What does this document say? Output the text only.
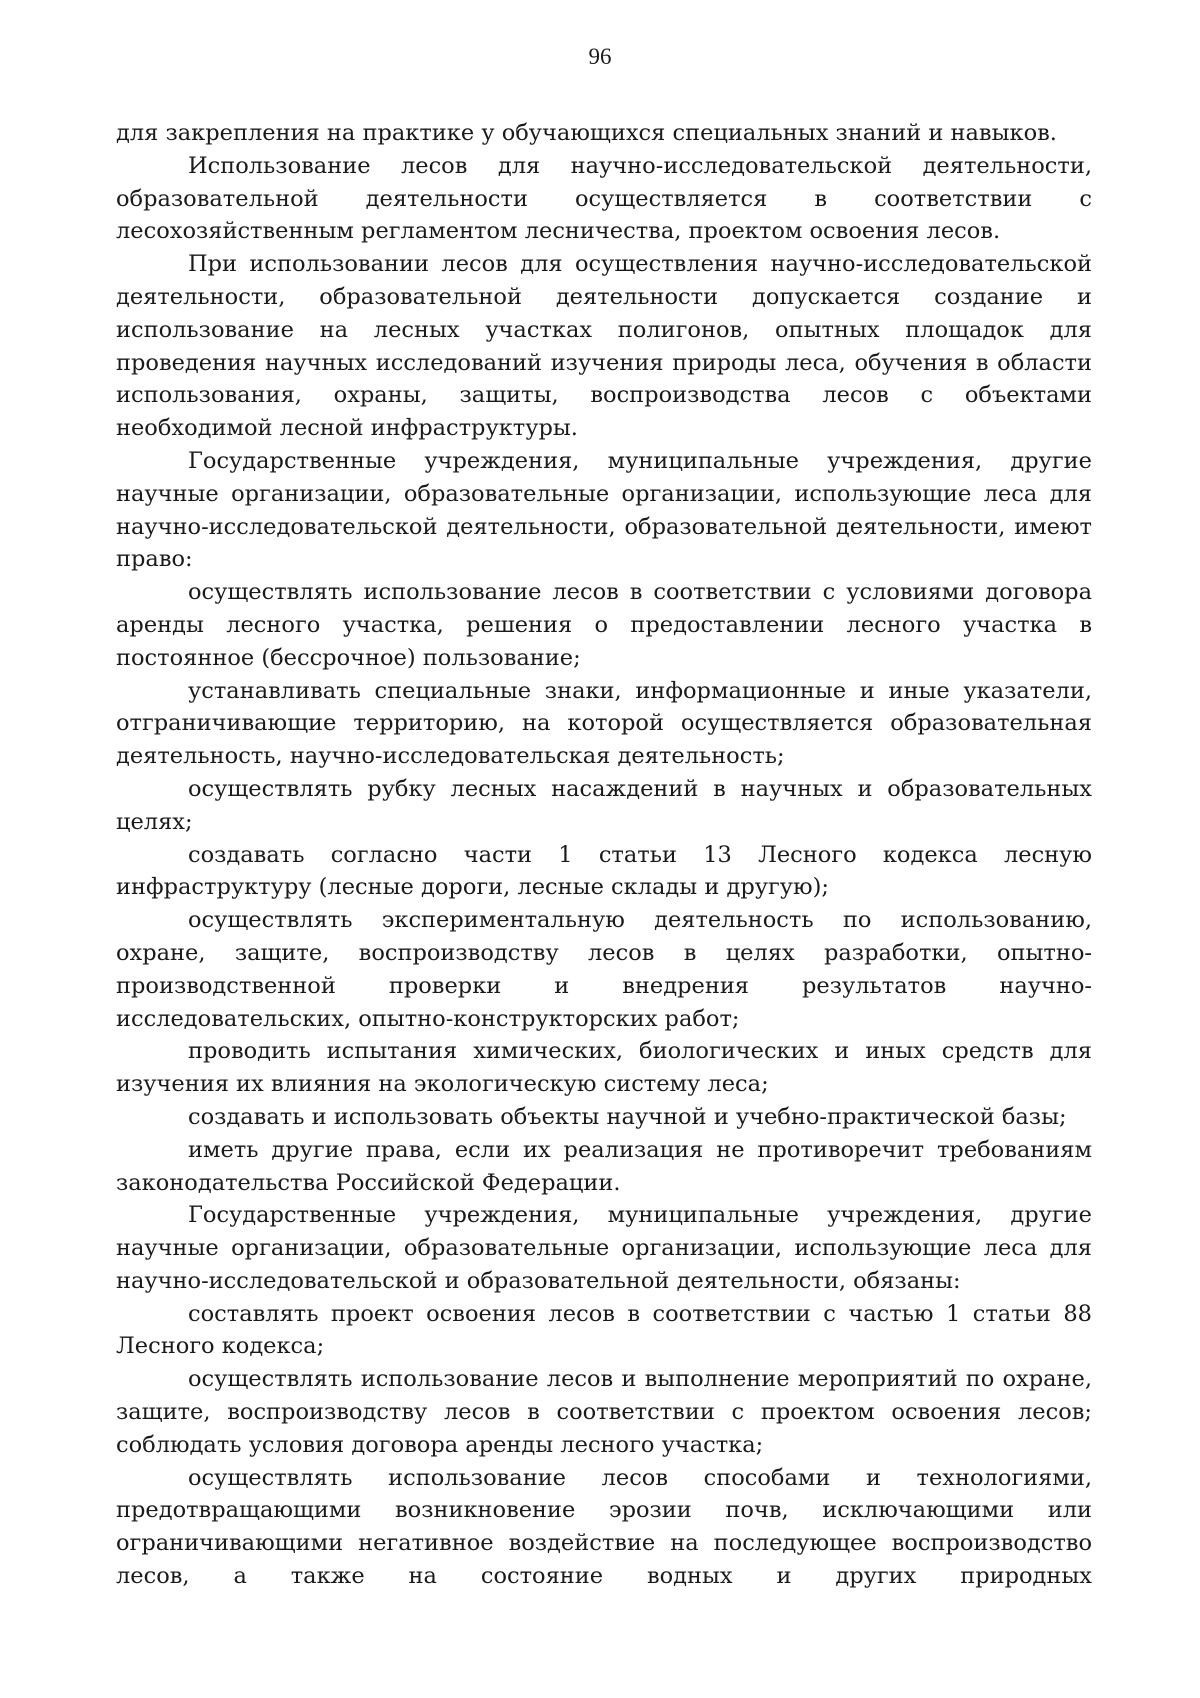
96

для закрепления на практике у обучающихся специальных знаний и навыков.

Использование лесов для научно-исследовательской деятельности, образовательной деятельности осуществляется в соответствии с лесохозяйственным регламентом лесничества, проектом освоения лесов.

При использовании лесов для осуществления научно-исследовательской деятельности, образовательной деятельности допускается создание и использование на лесных участках полигонов, опытных площадок для проведения научных исследований изучения природы леса, обучения в области использования, охраны, защиты, воспроизводства лесов с объектами необходимой лесной инфраструктуры.

Государственные учреждения, муниципальные учреждения, другие научные организации, образовательные организации, использующие леса для научно-исследовательской деятельности, образовательной деятельности, имеют право:

осуществлять использование лесов в соответствии с условиями договора аренды лесного участка, решения о предоставлении лесного участка в постоянное (бессрочное) пользование;

устанавливать специальные знаки, информационные и иные указатели, отграничивающие территорию, на которой осуществляется образовательная деятельность, научно-исследовательская деятельность;

осуществлять рубку лесных насаждений в научных и образовательных целях;

создавать согласно части 1 статьи 13 Лесного кодекса лесную инфраструктуру (лесные дороги, лесные склады и другую);

осуществлять экспериментальную деятельность по использованию, охране, защите, воспроизводству лесов в целях разработки, опытно-производственной проверки и внедрения результатов научно-исследовательских, опытно-конструкторских работ;

проводить испытания химических, биологических и иных средств для изучения их влияния на экологическую систему леса;

создавать и использовать объекты научной и учебно-практической базы;

иметь другие права, если их реализация не противоречит требованиям законодательства Российской Федерации.

Государственные учреждения, муниципальные учреждения, другие научные организации, образовательные организации, использующие леса для научно-исследовательской и образовательной деятельности, обязаны:

составлять проект освоения лесов в соответствии с частью 1 статьи 88 Лесного кодекса;

осуществлять использование лесов и выполнение мероприятий по охране, защите, воспроизводству лесов в соответствии с проектом освоения лесов; соблюдать условия договора аренды лесного участка;

осуществлять использование лесов способами и технологиями, предотвращающими возникновение эрозии почв, исключающими или ограничивающими негативное воздействие на последующее воспроизводство лесов, а также на состояние водных и других природных
